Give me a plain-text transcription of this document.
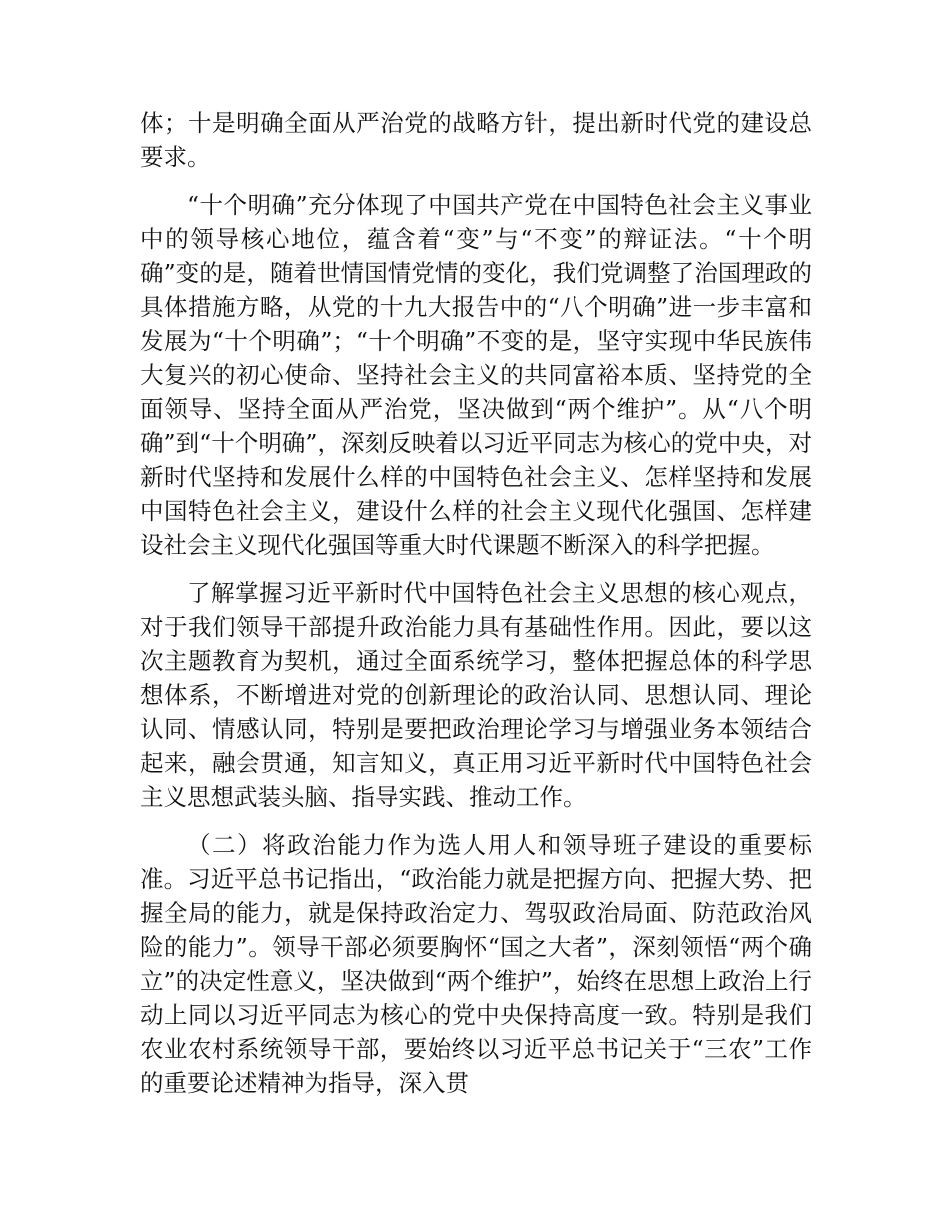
体；十是明确全面从严治党的战略方针，提出新时代党的建设总要求。

“十个明确”充分体现了中国共产党在中国特色社会主义事业中的领导核心地位，蕴含着“变”与“不变”的辩证法。“十个明确”变的是，随着世情国情党情的变化，我们党调整了治国理政的具体措施方略，从党的十九大报告中的“八个明确”进一步丰富和发展为“十个明确”；“十个明确”不变的是，坚守实现中华民族伟大复兴的初心使命、坚持社会主义的共同富裕本质、坚持党的全面领导、坚持全面从严治党，坚决做到“两个维护”。从“八个明确”到“十个明确”，深刻反映着以习近平同志为核心的党中央，对新时代坚持和发展什么样的中国特色社会主义、怎样坚持和发展中国特色社会主义，建设什么样的社会主义现代化强国、怎样建设社会主义现代化强国等重大时代课题不断深入的科学把握。

了解掌握习近平新时代中国特色社会主义思想的核心观点，对于我们领导干部提升政治能力具有基础性作用。因此，要以这次主题教育为契机，通过全面系统学习，整体把握总体的科学思想体系，不断增进对党的创新理论的政治认同、思想认同、理论认同、情感认同，特别是要把政治理论学习与增强业务本领结合起来，融会贯通，知言知义，真正用习近平新时代中国特色社会主义思想武装头脑、指导实践、推动工作。

（二）将政治能力作为选人用人和领导班子建设的重要标准。习近平总书记指出，“政治能力就是把握方向、把握大势、把握全局的能力，就是保持政治定力、驾驭政治局面、防范政治风险的能力”。领导干部必须要胸怀“国之大者”，深刻领悟“两个确立”的决定性意义，坚决做到“两个维护”，始终在思想上政治上行动上同以习近平同志为核心的党中央保持高度一致。特别是我们农业农村系统领导干部，要始终以习近平总书记关于“三农”工作的重要论述精神为指导，深入贯
